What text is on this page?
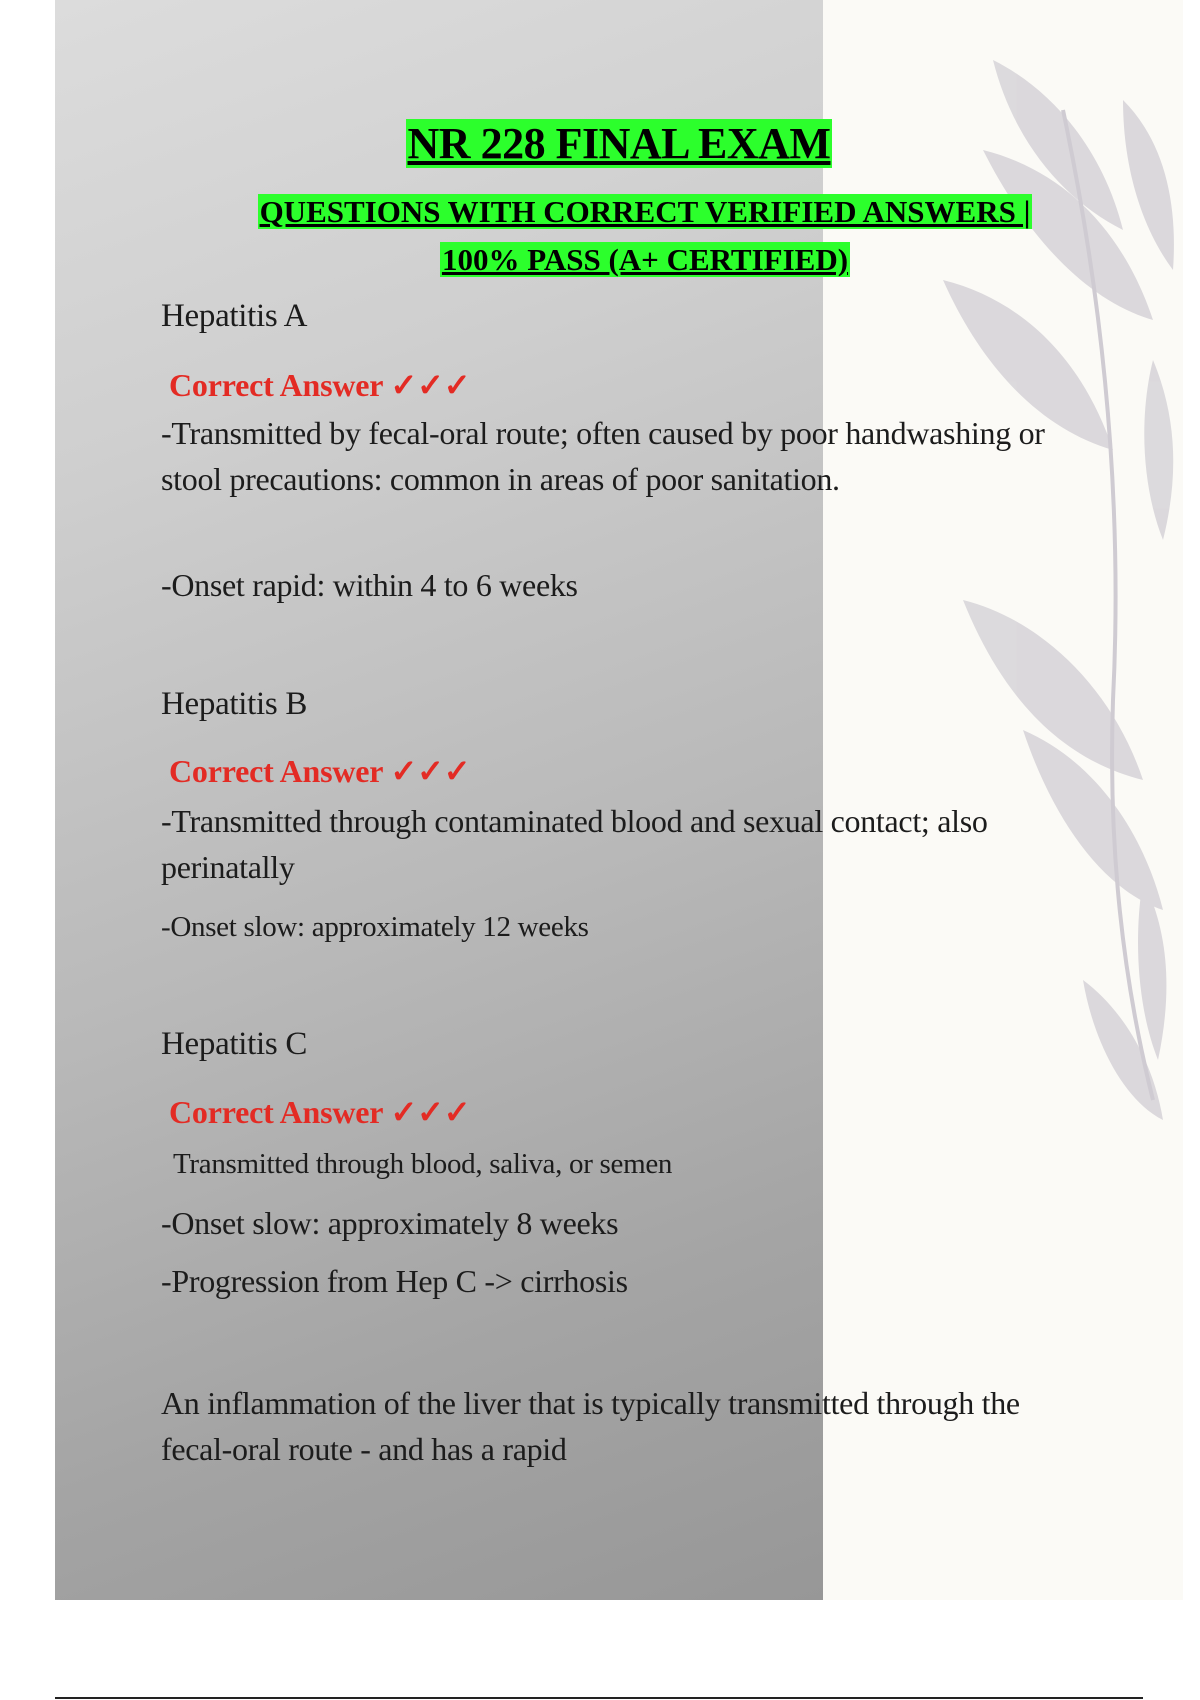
NR 228 FINAL EXAM
QUESTIONS WITH CORRECT VERIFIED ANSWERS |
100% PASS (A+ CERTIFIED)
Hepatitis A
Correct Answer ✓✓✓
-Transmitted by fecal-oral route; often caused by poor handwashing or stool precautions: common in areas of poor sanitation.
-Onset rapid: within 4 to 6 weeks
Hepatitis B
Correct Answer ✓✓✓
-Transmitted through contaminated blood and sexual contact; also perinatally
-Onset slow: approximately 12 weeks
Hepatitis C
Correct Answer ✓✓✓
Transmitted through blood, saliva, or semen
-Onset slow: approximately 8 weeks
-Progression from Hep C -> cirrhosis
An inflammation of the liver that is typically transmitted through the fecal-oral route - and has a rapid
